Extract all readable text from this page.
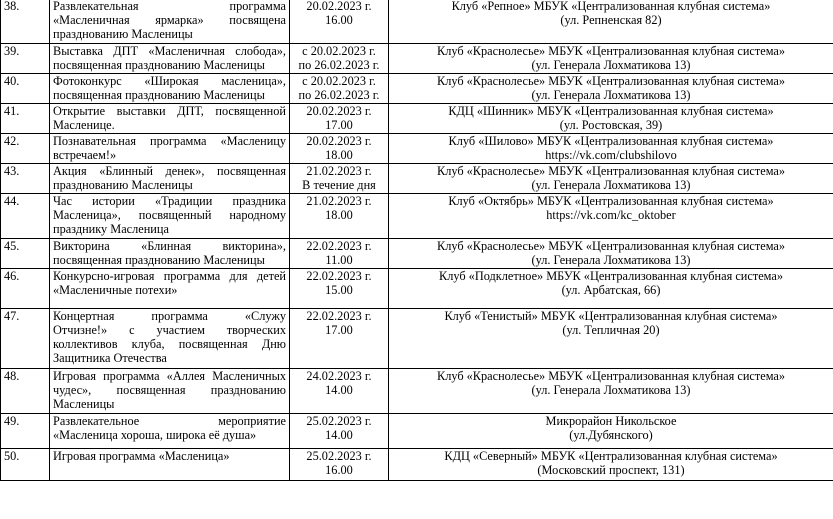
38.	Развлекательная программа
«Масленичная ярмарка» посвящена
празднованию Масленицы	20.02.2023 г.
16.00	Клуб «Репное» МБУК «Централизованная клубная система»
(ул. Репненская 82)

39.	Выставка ДПТ «Масленичная слобода»,
посвященная празднованию Масленицы	с 20.02.2023 г.
по 26.02.2023 г.	Клуб «Краснолесье» МБУК «Централизованная клубная система»
(ул. Генерала Лохматикова 13)

40.	Фотоконкурс «Широкая масленица»,
посвященная празднованию Масленицы	с 20.02.2023 г.
по 26.02.2023 г.	Клуб «Краснолесье» МБУК «Централизованная клубная система»
(ул. Генерала Лохматикова 13)

41.	Открытие выставки ДПТ, посвященной
Масленице.	20.02.2023 г.
17.00	КДЦ «Шинник» МБУК «Централизованная клубная система»
(ул. Ростовская, 39)

42.	Познавательная программа «Масленицу
встречаем!»	20.02.2023 г.
18.00	Клуб «Шилово» МБУК «Централизованная клубная система»
https://vk.com/clubshilovo

43.	Акция «Блинный денек», посвященная
празднованию Масленицы	21.02.2023 г.
В течение дня	Клуб «Краснолесье» МБУК «Централизованная клубная система»
(ул. Генерала Лохматикова 13)

44.	Час истории «Традиции праздника
Масленица», посвященный народному
празднику Масленица	21.02.2023 г.
18.00	Клуб «Октябрь» МБУК «Централизованная клубная система»
https://vk.com/kc_oktober

45.	Викторина «Блинная викторина»,
посвященная празднованию Масленицы	22.02.2023 г.
11.00	Клуб «Краснолесье» МБУК «Централизованная клубная система»
(ул. Генерала Лохматикова 13)

46.	Конкурсно-игровая программа для детей
«Масленичные потехи»	22.02.2023 г.
15.00	Клуб «Подклетное» МБУК «Централизованная клубная система»
(ул. Арбатская, 66)

47.	Концертная программа «Служу
Отчизне!» с участием творческих
коллективов клуба, посвященная Дню
Защитника Отечества	22.02.2023 г.
17.00	Клуб «Тенистый» МБУК «Централизованная клубная система»
(ул. Тепличная 20)

48.	Игровая программа «Аллея Масленичных
чудес», посвященная празднованию
Масленицы	24.02.2023 г.
14.00	Клуб «Краснолесье» МБУК «Централизованная клубная система»
(ул. Генерала Лохматикова 13)

49.	Развлекательное мероприятие
«Масленица хороша, широка её душа»	25.02.2023 г.
14.00	Микрорайон Никольское
(ул.Дубянского)

50.	Игровая программа «Масленица»	25.02.2023 г.
16.00	КДЦ «Северный» МБУК «Централизованная клубная система»
(Московский проспект, 131)
